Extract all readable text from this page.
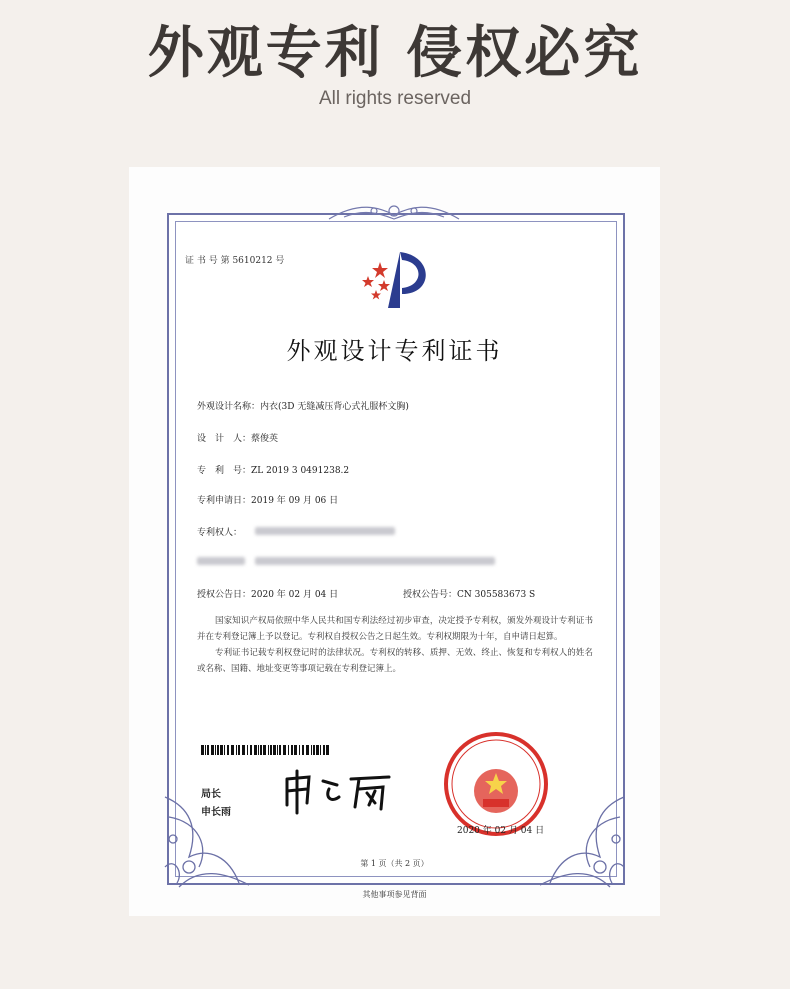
外观专利 侵权必究
All rights reserved
证 书 号 第 5610212 号
外观设计专利证书
外观设计名称：内衣(3D 无缝减压背心式礼服杯文胸)
设　计　人：蔡俊英
专　利　号：ZL 2019 3 0491238.2
专利申请日：2019 年 09 月 06 日
专利权人：
授权公告日：2020 年 02 月 04 日	授权公告号：CN 305583673 S

国家知识产权局依照中华人民共和国专利法经过初步审查，决定授予专利权，颁发外观设计专利证书并在专利登记簿上予以登记。专利权自授权公告之日起生效。专利权期限为十年，自申请日起算。

专利证书记载专利权登记时的法律状况。专利权的转移、质押、无效、终止、恢复和专利权人的姓名或名称、国籍、地址变更等事项记载在专利登记簿上。

局长
申长雨
2020 年 02 月 04 日
第 1 页（共 2 页）
其他事项参见背面
